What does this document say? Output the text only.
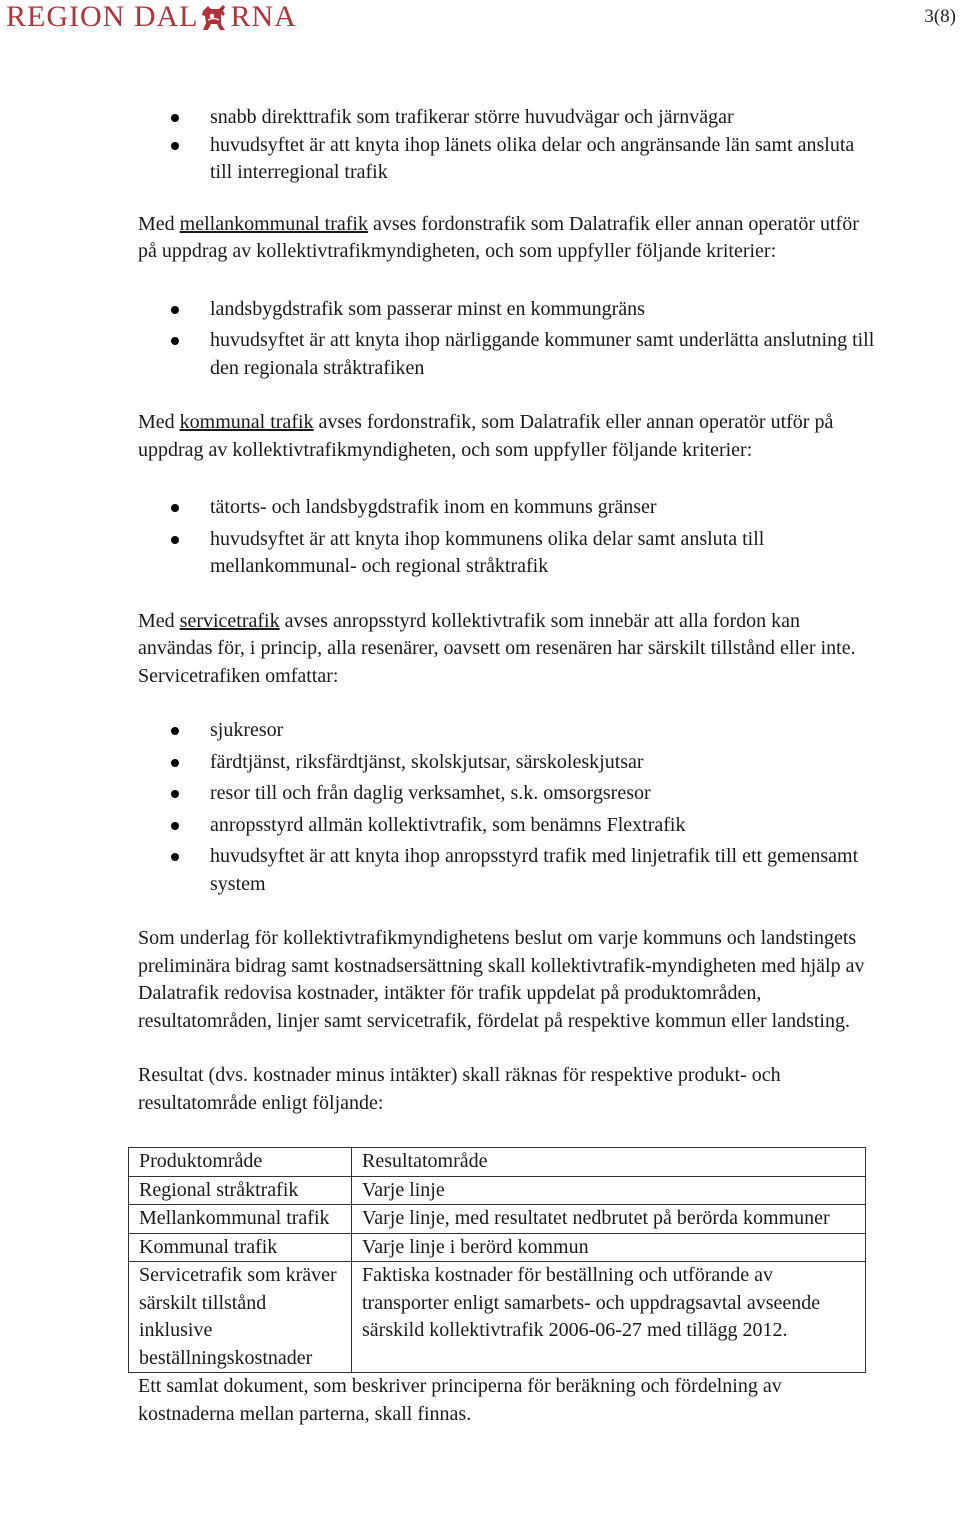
REGION DAL RNA	3(8)
snabb direkttrafik som trafikerar större huvudvägar och järnvägar
huvudsyftet är att knyta ihop länets olika delar och angränsande län samt ansluta till interregional trafik

Med mellankommunal trafik avses fordonstrafik som Dalatrafik eller annan operatör utför på uppdrag av kollektivtrafikmyndigheten, och som uppfyller följande kriterier:

landsbygdstrafik som passerar minst en kommungräns
huvudsyftet är att knyta ihop närliggande kommuner samt underlätta anslutning till den regionala stråktrafiken

Med kommunal trafik avses fordonstrafik, som Dalatrafik eller annan operatör utför på uppdrag av kollektivtrafikmyndigheten, och som uppfyller följande kriterier:

tätorts- och landsbygdstrafik inom en kommuns gränser
huvudsyftet är att knyta ihop kommunens olika delar samt ansluta till mellankommunal- och regional stråktrafik

Med servicetrafik avses anropsstyrd kollektivtrafik som innebär att alla fordon kan användas för, i princip, alla resenärer, oavsett om resenären har särskilt tillstånd eller inte. Servicetrafiken omfattar:

sjukresor
färdtjänst, riksfärdtjänst, skolskjutsar, särskoleskjutsar
resor till och från daglig verksamhet, s.k. omsorgsresor
anropsstyrd allmän kollektivtrafik, som benämns Flextrafik
huvudsyftet är att knyta ihop anropsstyrd trafik med linjetrafik till ett gemensamt system

Som underlag för kollektivtrafikmyndighetens beslut om varje kommuns och landstingets preliminära bidrag samt kostnadsersättning skall kollektivtrafik-myndigheten med hjälp av Dalatrafik redovisa kostnader, intäkter för trafik uppdelat på produktområden, resultatområden, linjer samt servicetrafik, fördelat på respektive kommun eller landsting.

Resultat (dvs. kostnader minus intäkter) skall räknas för respektive produkt- och resultatområde enligt följande:

Produktområde	Resultatområde
Regional stråktrafik	Varje linje
Mellankommunal trafik	Varje linje, med resultatet nedbrutet på berörda kommuner
Kommunal trafik	Varje linje i berörd kommun
Servicetrafik som kräver särskilt tillstånd inklusive beställningskostnader	Faktiska kostnader för beställning och utförande av transporter enligt samarbets- och uppdragsavtal avseende särskild kollektivtrafik 2006-06-27 med tillägg 2012.

Ett samlat dokument, som beskriver principerna för beräkning och fördelning av kostnaderna mellan parterna, skall finnas.
